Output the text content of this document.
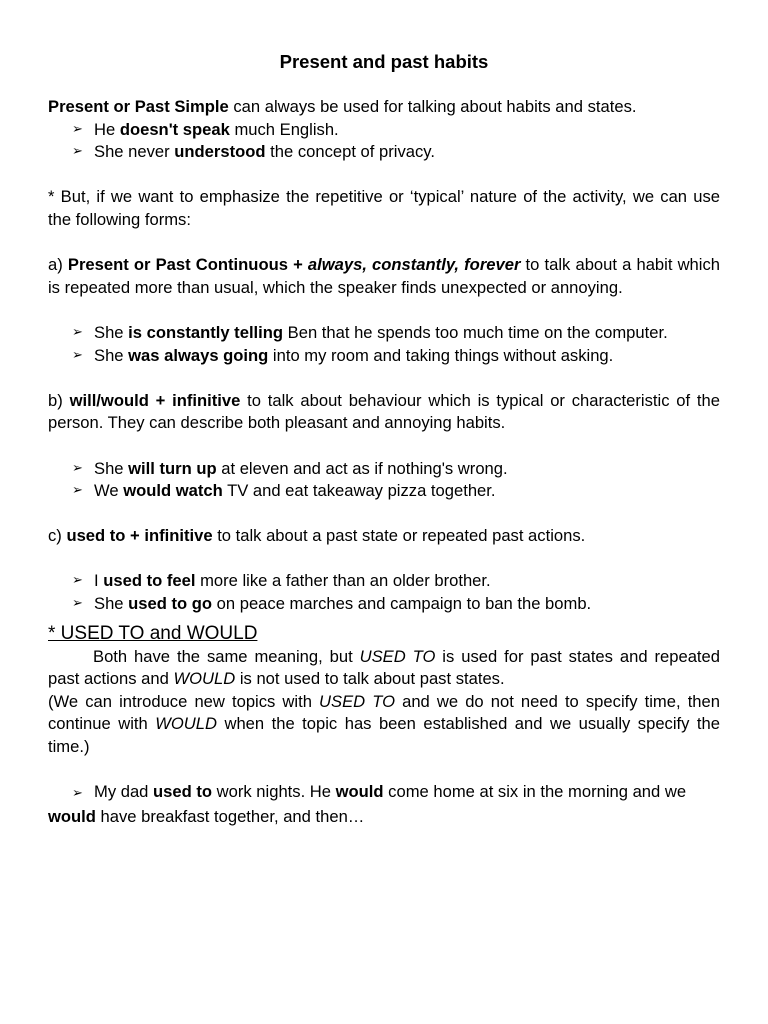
Present and past habits

Present or Past Simple can always be used for talking about habits and states.

➢ He doesn't speak much English.
➢ She never understood the concept of privacy.

* But, if we want to emphasize the repetitive or ‘typical’ nature of the activity, we can use the following forms:

a) Present or Past Continuous + always, constantly, forever to talk about a habit which is repeated more than usual, which the speaker finds unexpected or annoying.

➢ She is constantly telling Ben that he spends too much time on the computer.
➢ She was always going into my room and taking things without asking.

b) will/would + infinitive to talk about behaviour which is typical or characteristic of the person. They can describe both pleasant and annoying habits.

➢ She will turn up at eleven and act as if nothing's wrong.
➢ We would watch TV and eat takeaway pizza together.

c) used to + infinitive to talk about a past state or repeated past actions.

➢ I used to feel more like a father than an older brother.
➢ She used to go on peace marches and campaign to ban the bomb.
* USED TO and WOULD

Both have the same meaning, but USED TO is used for past states and repeated past actions and WOULD is not used to talk about past states.

(We can introduce new topics with USED TO and we do not need to specify time, then continue with WOULD when the topic has been established and we usually specify the time.)

➢ My dad used to work nights. He would come home at six in the morning and we would have breakfast together, and then…
